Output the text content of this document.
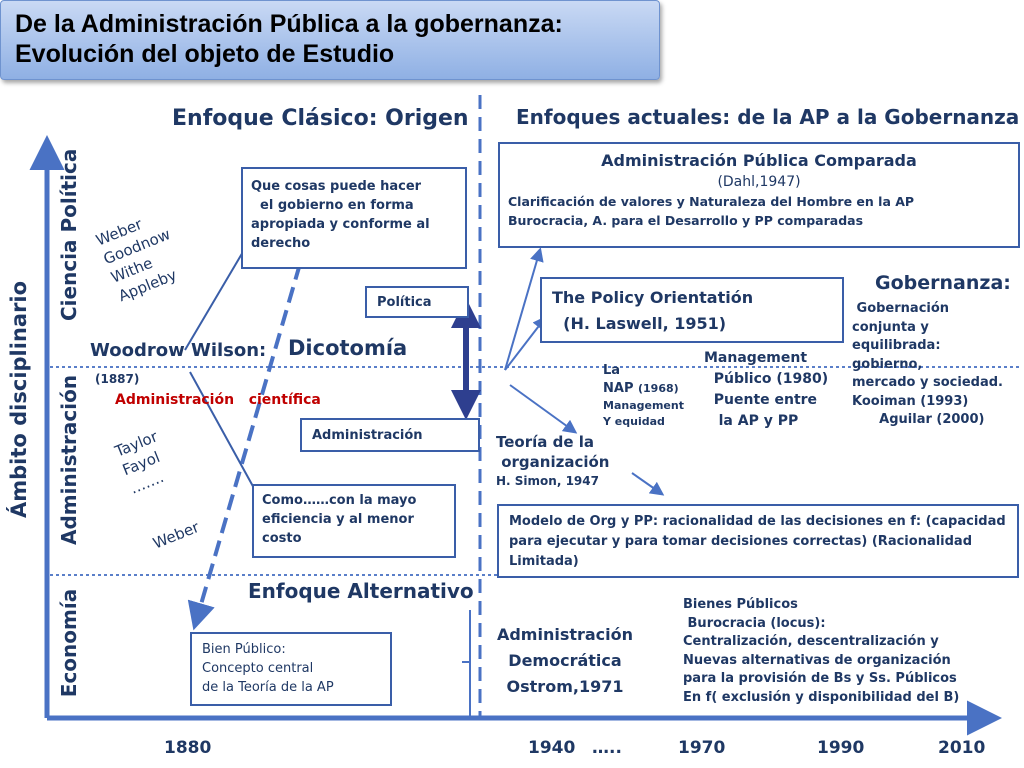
De la Administración Pública a la gobernanza:
Evolución del objeto de Estudio
Enfoque Clásico: Origen Enfoques actuales: de la AP a la Gobernanza
Enfoque Alternativo
Ámbito disciplinario
Ciencia Política
Administración
Economía
1880	1940 …..	1970	1990	2010
Weber
Goodnow
Withe
Appleby
Taylor
Fayol
…….
Weber
Woodrow Wilson: Dicotomía
(1887)
Administración   científica
Que cosas puede hacer
el gobierno en forma
apropiada y conforme al
derecho
Política
Administración
Como……con la mayo
eficiencia y al menor
costo
Bien Público:
Concepto central
de la Teoría de la AP
Administración Pública Comparada
(Dahl,1947)
Clarificación de valores y Naturaleza del Hombre en la AP
Burocracia, A. para el Desarrollo y PP comparadas
The Policy Orientatión
(H. Laswell, 1951)
Modelo de Org y PP: racionalidad de las decisiones en f: (capacidad para ejecutar y para tomar decisiones correctas) (Racionalidad Limitada)
Teoría de la
organización
H. Simon, 1947
La
NAP (1968)
Management
Y equidad
Management
Público (1980)
Puente entre
la AP y PP
Gobernanza:
Gobernación
conjunta y
equilibrada:
gobierno,
mercado y sociedad.
Kooiman (1993)
Aguilar (2000)
Administración
Democrática
Ostrom,1971
Bienes Públicos
Burocracia (locus):
Centralización, descentralización y
Nuevas alternativas de organización
para la provisión de Bs y Ss. Públicos
En f( exclusión y disponibilidad del B)
